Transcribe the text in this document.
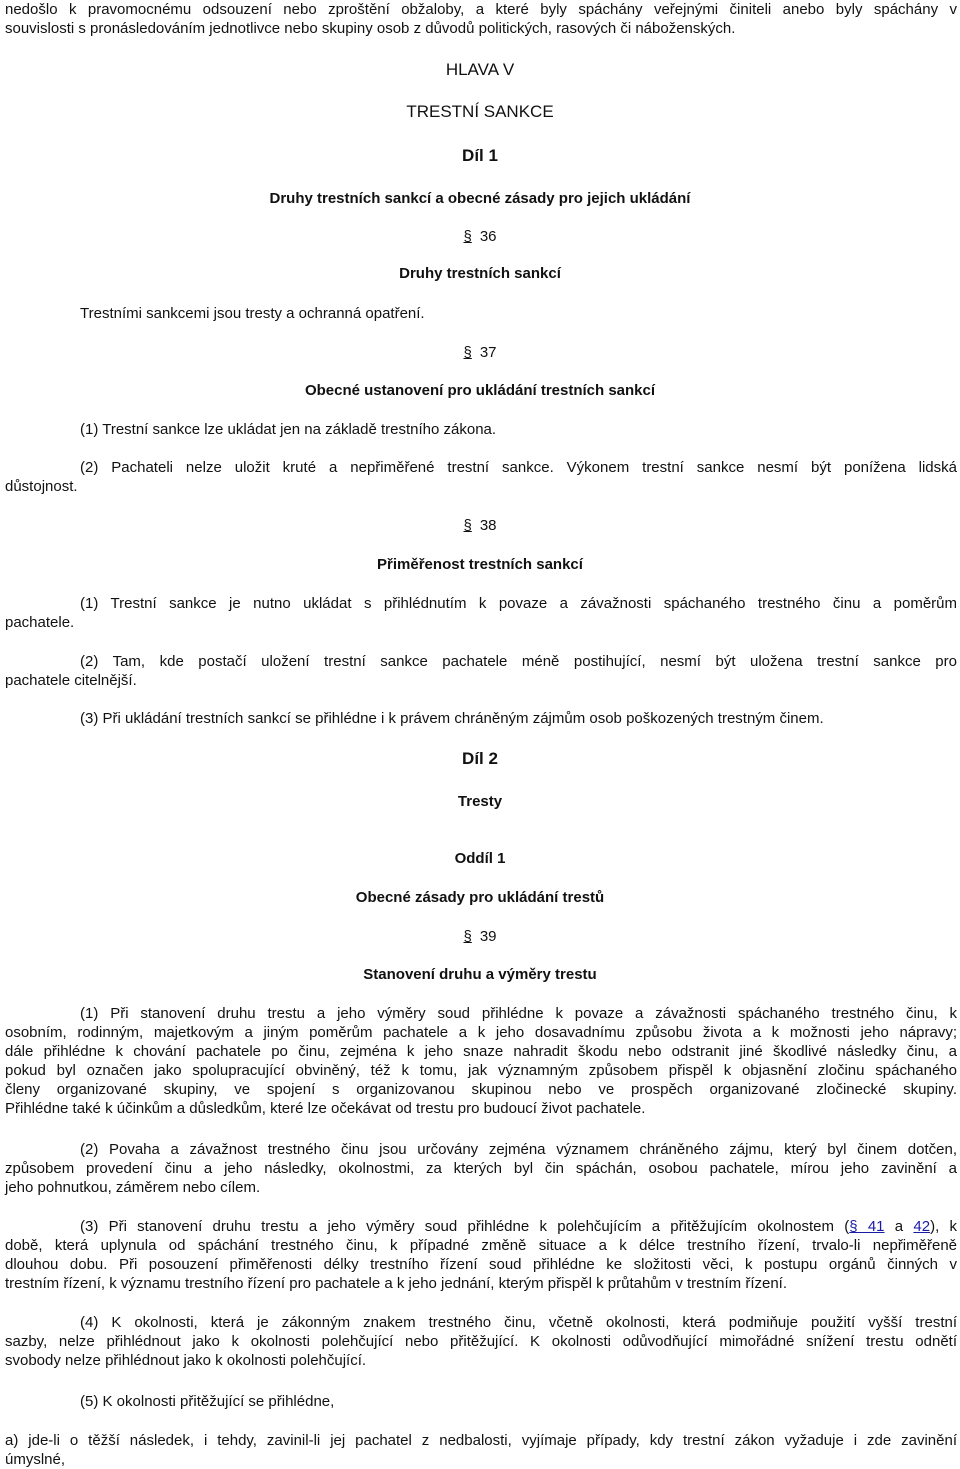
nedošlo k pravomocnému odsouzení nebo zproštění obžaloby, a které byly spáchány veřejnými činiteli anebo byly spáchány v
souvislosti s pronásledováním jednotlivce nebo skupiny osob z důvodů politických, rasových či náboženských.
HLAVA V
TRESTNÍ SANKCE
Díl 1
Druhy trestních sankcí a obecné zásady pro jejich ukládání
§ 36
Druhy trestních sankcí
Trestními sankcemi jsou tresty a ochranná opatření.
§ 37
Obecné ustanovení pro ukládání trestních sankcí
(1) Trestní sankce lze ukládat jen na základě trestního zákona.
(2) Pachateli nelze uložit kruté a nepřiměřené trestní sankce. Výkonem trestní sankce nesmí být ponížena lidská
důstojnost.
§ 38
Přiměřenost trestních sankcí
(1) Trestní sankce je nutno ukládat s přihlédnutím k povaze a závažnosti spáchaného trestného činu a poměrům
pachatele.
(2) Tam, kde postačí uložení trestní sankce pachatele méně postihující, nesmí být uložena trestní sankce pro
pachatele citelnější.
(3) Při ukládání trestních sankcí se přihlédne i k právem chráněným zájmům osob poškozených trestným činem.
Díl 2
Tresty
Oddíl 1
Obecné zásady pro ukládání trestů
§ 39
Stanovení druhu a výměry trestu
(1) Při stanovení druhu trestu a jeho výměry soud přihlédne k povaze a závažnosti spáchaného trestného činu, k
osobním, rodinným, majetkovým a jiným poměrům pachatele a k jeho dosavadnímu způsobu života a k možnosti jeho nápravy;
dále přihlédne k chování pachatele po činu, zejména k jeho snaze nahradit škodu nebo odstranit jiné škodlivé následky činu, a
pokud byl označen jako spolupracující obviněný, též k tomu, jak významným způsobem přispěl k objasnění zločinu spáchaného
členy organizované skupiny, ve spojení s organizovanou skupinou nebo ve prospěch organizované zločinecké skupiny.
Přihlédne také k účinkům a důsledkům, které lze očekávat od trestu pro budoucí život pachatele.
(2) Povaha a závažnost trestného činu jsou určovány zejména významem chráněného zájmu, který byl činem dotčen,
způsobem provedení činu a jeho následky, okolnostmi, za kterých byl čin spáchán, osobou pachatele, mírou jeho zavinění a
jeho pohnutkou, záměrem nebo cílem.
(3) Při stanovení druhu trestu a jeho výměry soud přihlédne k polehčujícím a přitěžujícím okolnostem (§ 41 a 42), k
době, která uplynula od spáchání trestného činu, k případné změně situace a k délce trestního řízení, trvalo-li nepřiměřeně
dlouhou dobu. Při posouzení přiměřenosti délky trestního řízení soud přihlédne ke složitosti věci, k postupu orgánů činných v
trestním řízení, k významu trestního řízení pro pachatele a k jeho jednání, kterým přispěl k průtahům v trestním řízení.
(4) K okolnosti, která je zákonným znakem trestného činu, včetně okolnosti, která podmiňuje použití vyšší trestní
sazby, nelze přihlédnout jako k okolnosti polehčující nebo přitěžující. K okolnosti odůvodňující mimořádné snížení trestu odnětí
svobody nelze přihlédnout jako k okolnosti polehčující.
(5) K okolnosti přitěžující se přihlédne,
a) jde-li o těžší následek, i tehdy, zavinil-li jej pachatel z nedbalosti, vyjímaje případy, kdy trestní zákon vyžaduje i zde zavinění
úmyslné,
